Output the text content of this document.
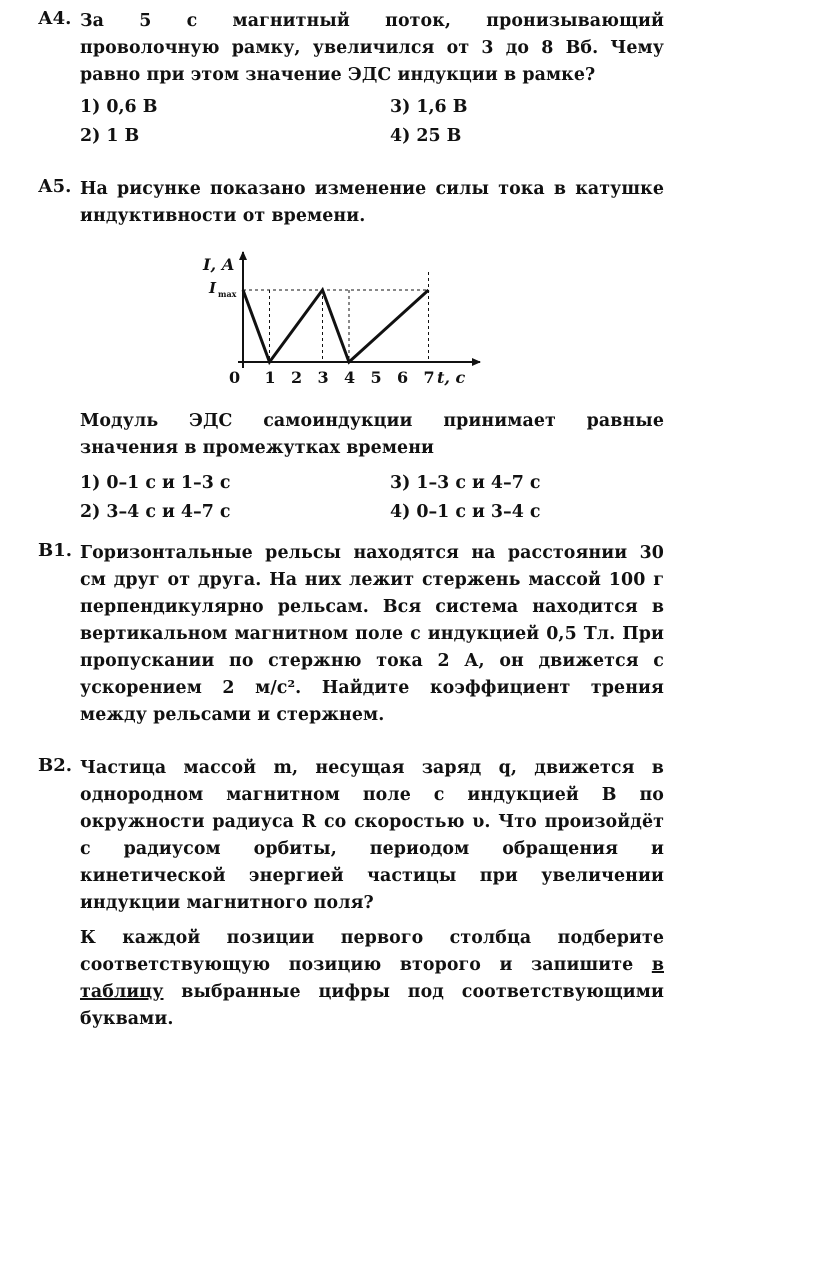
А4. За 5 с магнитный поток, пронизывающий проволочную рамку, увеличился от 3 до 8 Вб. Чему равно при этом значение ЭДС индукции в рамке?
1) 0,6 В	3) 1,6 В
2) 1 В	4) 25 В
А5. На рисунке показано изменение силы тока в катушке индуктивности от времени.
0 1 2 3 4 5 6 7
I, А
t, с
I max
Модуль ЭДС самоиндукции принимает равные значения в промежутках времени
1) 0–1 с и 1–3 с	3) 1–3 с и 4–7 с
2) 3–4 с и 4–7 с	4) 0–1 с и 3–4 с
В1. Горизонтальные рельсы находятся на расстоянии 30 см друг от друга. На них лежит стержень массой 100 г перпендикулярно рельсам. Вся система находится в вертикальном магнитном поле с индукцией 0,5 Тл. При пропускании по стержню тока 2 А, он движется с ускорением 2 м/с². Найдите коэффициент трения между рельсами и стержнем.
В2. Частица массой m, несущая заряд q, движется в однородном магнитном поле с индукцией B по окружности радиуса R со скоростью υ. Что произойдёт с радиусом орбиты, периодом обращения и кинетической энергией частицы при увеличении индукции магнитного поля?
К каждой позиции первого столбца подберите соответствующую позицию второго и запишите в таблицу выбранные цифры под соответствующими буквами.
